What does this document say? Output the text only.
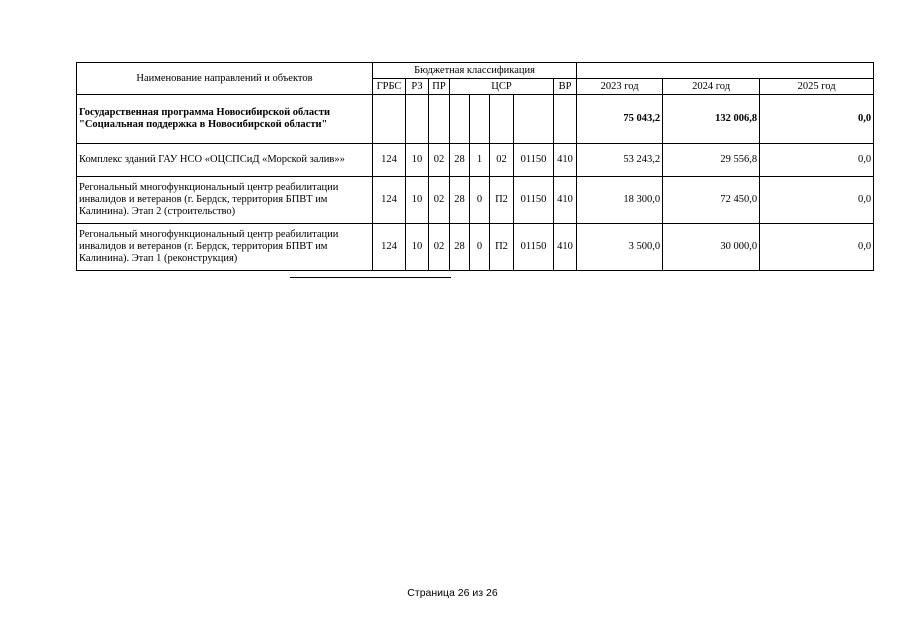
Наименование направлений и объектов	Бюджетная классификация										
	ГРБС	РЗ	ПР	ЦСР				ВР	2023 год	2024 год	2025 год
Государственная программа Новосибирской области "Социальная поддержка в Новосибирской области"									75 043,2	132 006,8	0,0
Комплекс зданий ГАУ НСО «ОЦСПСиД «Морской залив»»	124	10	02	28	1	02	01150	410	53 243,2	29 556,8	0,0
Регональный многофункциональный центр реабилитации инвалидов и ветеранов (г. Бердск, территория БПВТ им Калинина). Этап 2 (строительство)	124	10	02	28	0	П2	01150	410	18 300,0	72 450,0	0,0
Регональный многофункциональный центр реабилитации инвалидов и ветеранов (г. Бердск, территория БПВТ им Калинина). Этап 1 (реконструкция)	124	10	02	28	0	П2	01150	410	3 500,0	30 000,0	0,0
Страница 26 из 26
